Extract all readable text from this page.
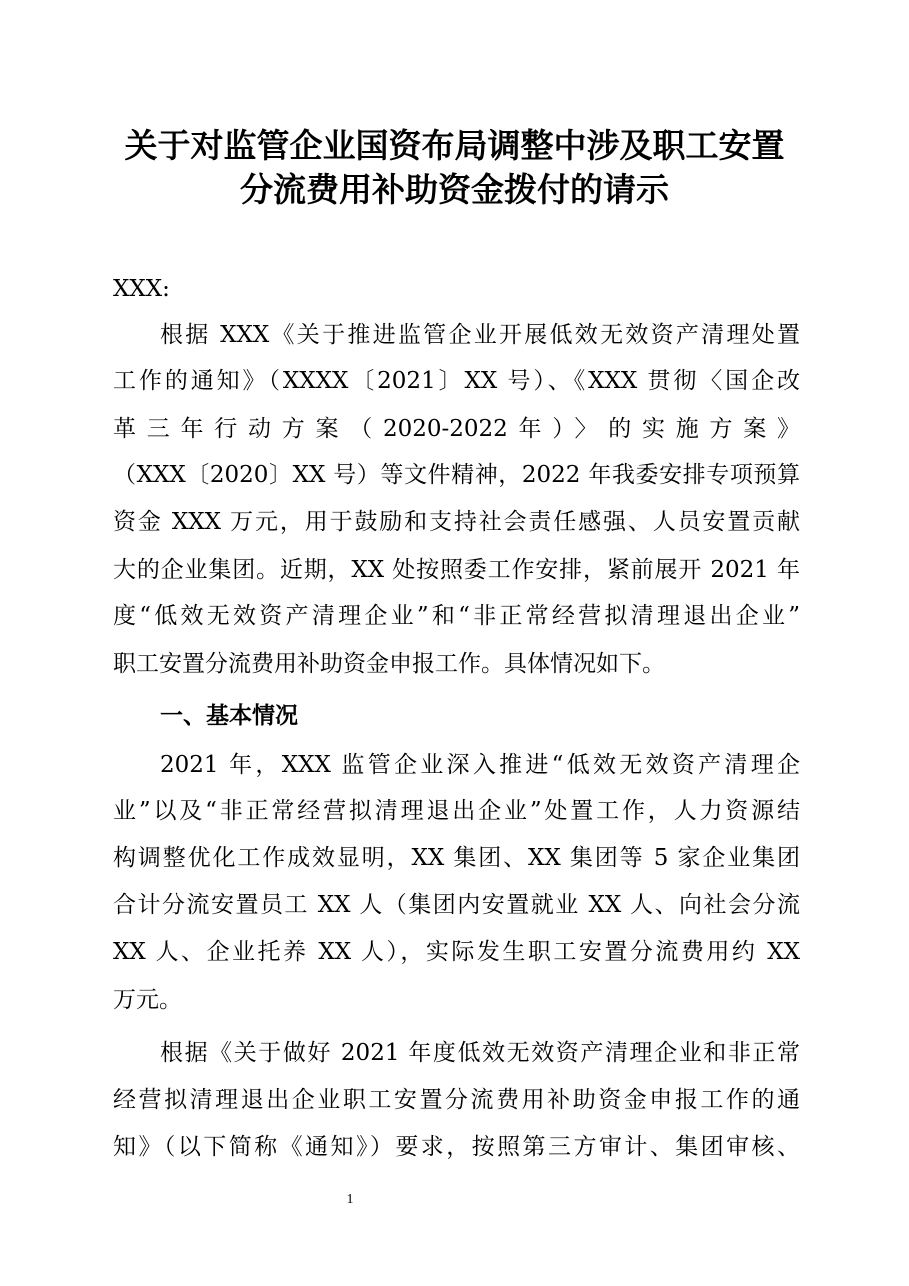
关于对监管企业国资布局调整中涉及职工安置
分流费用补助资金拨付的请示
XXX:
根据 XXX《关于推进监管企业开展低效无效资产清理处置
工作的通知》（XXXX〔2021〕XX 号）、《XXX 贯彻〈国企改
革三年行动方案（2020-2022年）〉的实施方案》
（XXX〔2020〕XX 号）等文件精神，2022 年我委安排专项预算
资金 XXX 万元，用于鼓励和支持社会责任感强、人员安置贡献
大的企业集团。近期，XX 处按照委工作安排，紧前展开 2021 年
度“低效无效资产清理企业”和“非正常经营拟清理退出企业”
职工安置分流费用补助资金申报工作。具体情况如下。
一、基本情况
2021 年，XXX 监管企业深入推进“低效无效资产清理企
业”以及“非正常经营拟清理退出企业”处置工作，人力资源结
构调整优化工作成效显明，XX 集团、XX 集团等 5 家企业集团
合计分流安置员工 XX 人（集团内安置就业 XX 人、向社会分流
XX 人、企业托养 XX 人），实际发生职工安置分流费用约 XX
万元。
根据《关于做好 2021 年度低效无效资产清理企业和非正常
经营拟清理退出企业职工安置分流费用补助资金申报工作的通
知》（以下简称《通知》）要求，按照第三方审计、集团审核、
1
